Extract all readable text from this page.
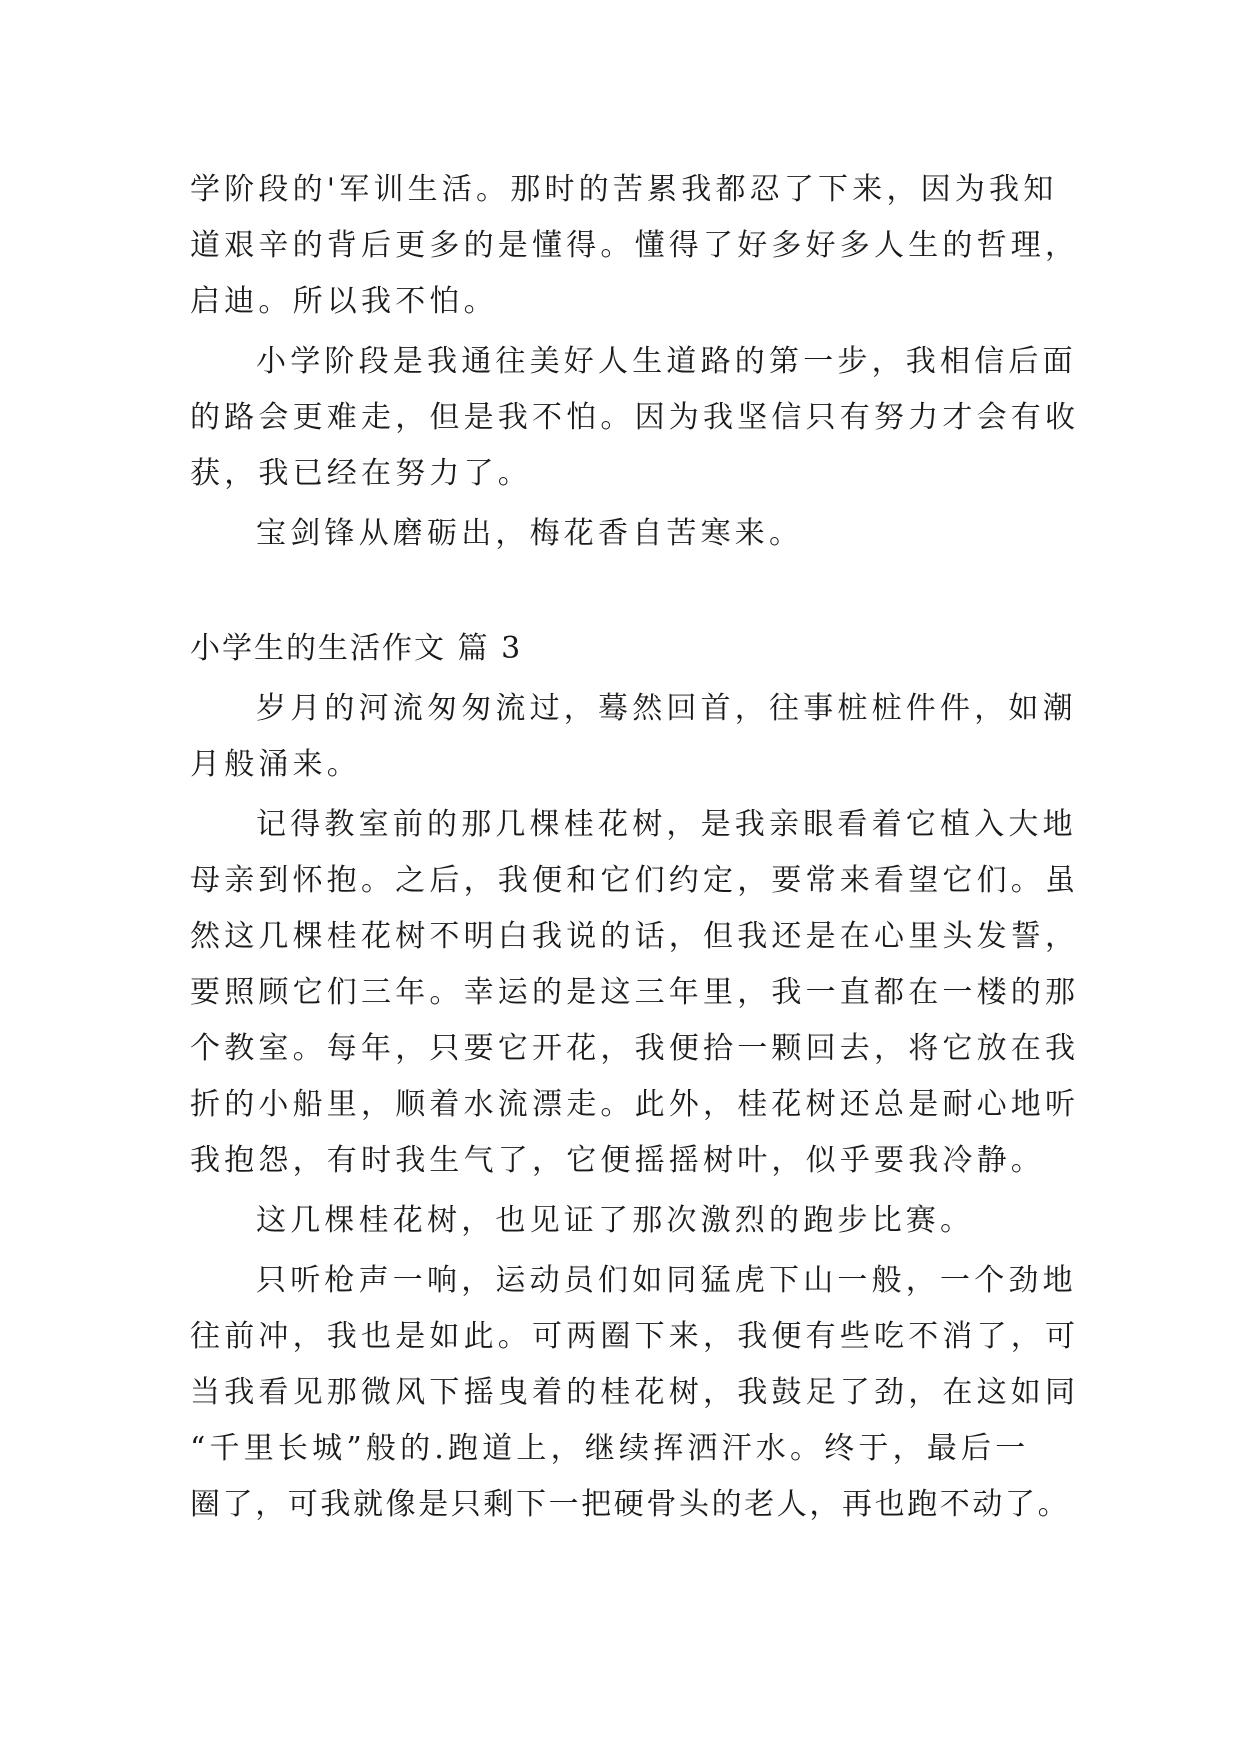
学阶段的'军训生活。那时的苦累我都忍了下来，因为我知
道艰辛的背后更多的是懂得。懂得了好多好多人生的哲理，
启迪。所以我不怕。
小学阶段是我通往美好人生道路的第一步，我相信后面
的路会更难走，但是我不怕。因为我坚信只有努力才会有收
获，我已经在努力了。
宝剑锋从磨砺出，梅花香自苦寒来。
小学生的生活作文 篇 3
岁月的河流匆匆流过，蓦然回首，往事桩桩件件，如潮
月般涌来。
记得教室前的那几棵桂花树，是我亲眼看着它植入大地
母亲到怀抱。之后，我便和它们约定，要常来看望它们。虽
然这几棵桂花树不明白我说的话，但我还是在心里头发誓，
要照顾它们三年。幸运的是这三年里，我一直都在一楼的那
个教室。每年，只要它开花，我便拾一颗回去，将它放在我
折的小船里，顺着水流漂走。此外，桂花树还总是耐心地听
我抱怨，有时我生气了，它便摇摇树叶，似乎要我冷静。
这几棵桂花树，也见证了那次激烈的跑步比赛。
只听枪声一响，运动员们如同猛虎下山一般，一个劲地
往前冲，我也是如此。可两圈下来，我便有些吃不消了，可
当我看见那微风下摇曳着的桂花树，我鼓足了劲，在这如同
“千里长城”般的.跑道上，继续挥洒汗水。终于，最后一
圈了，可我就像是只剩下一把硬骨头的老人，再也跑不动了。
